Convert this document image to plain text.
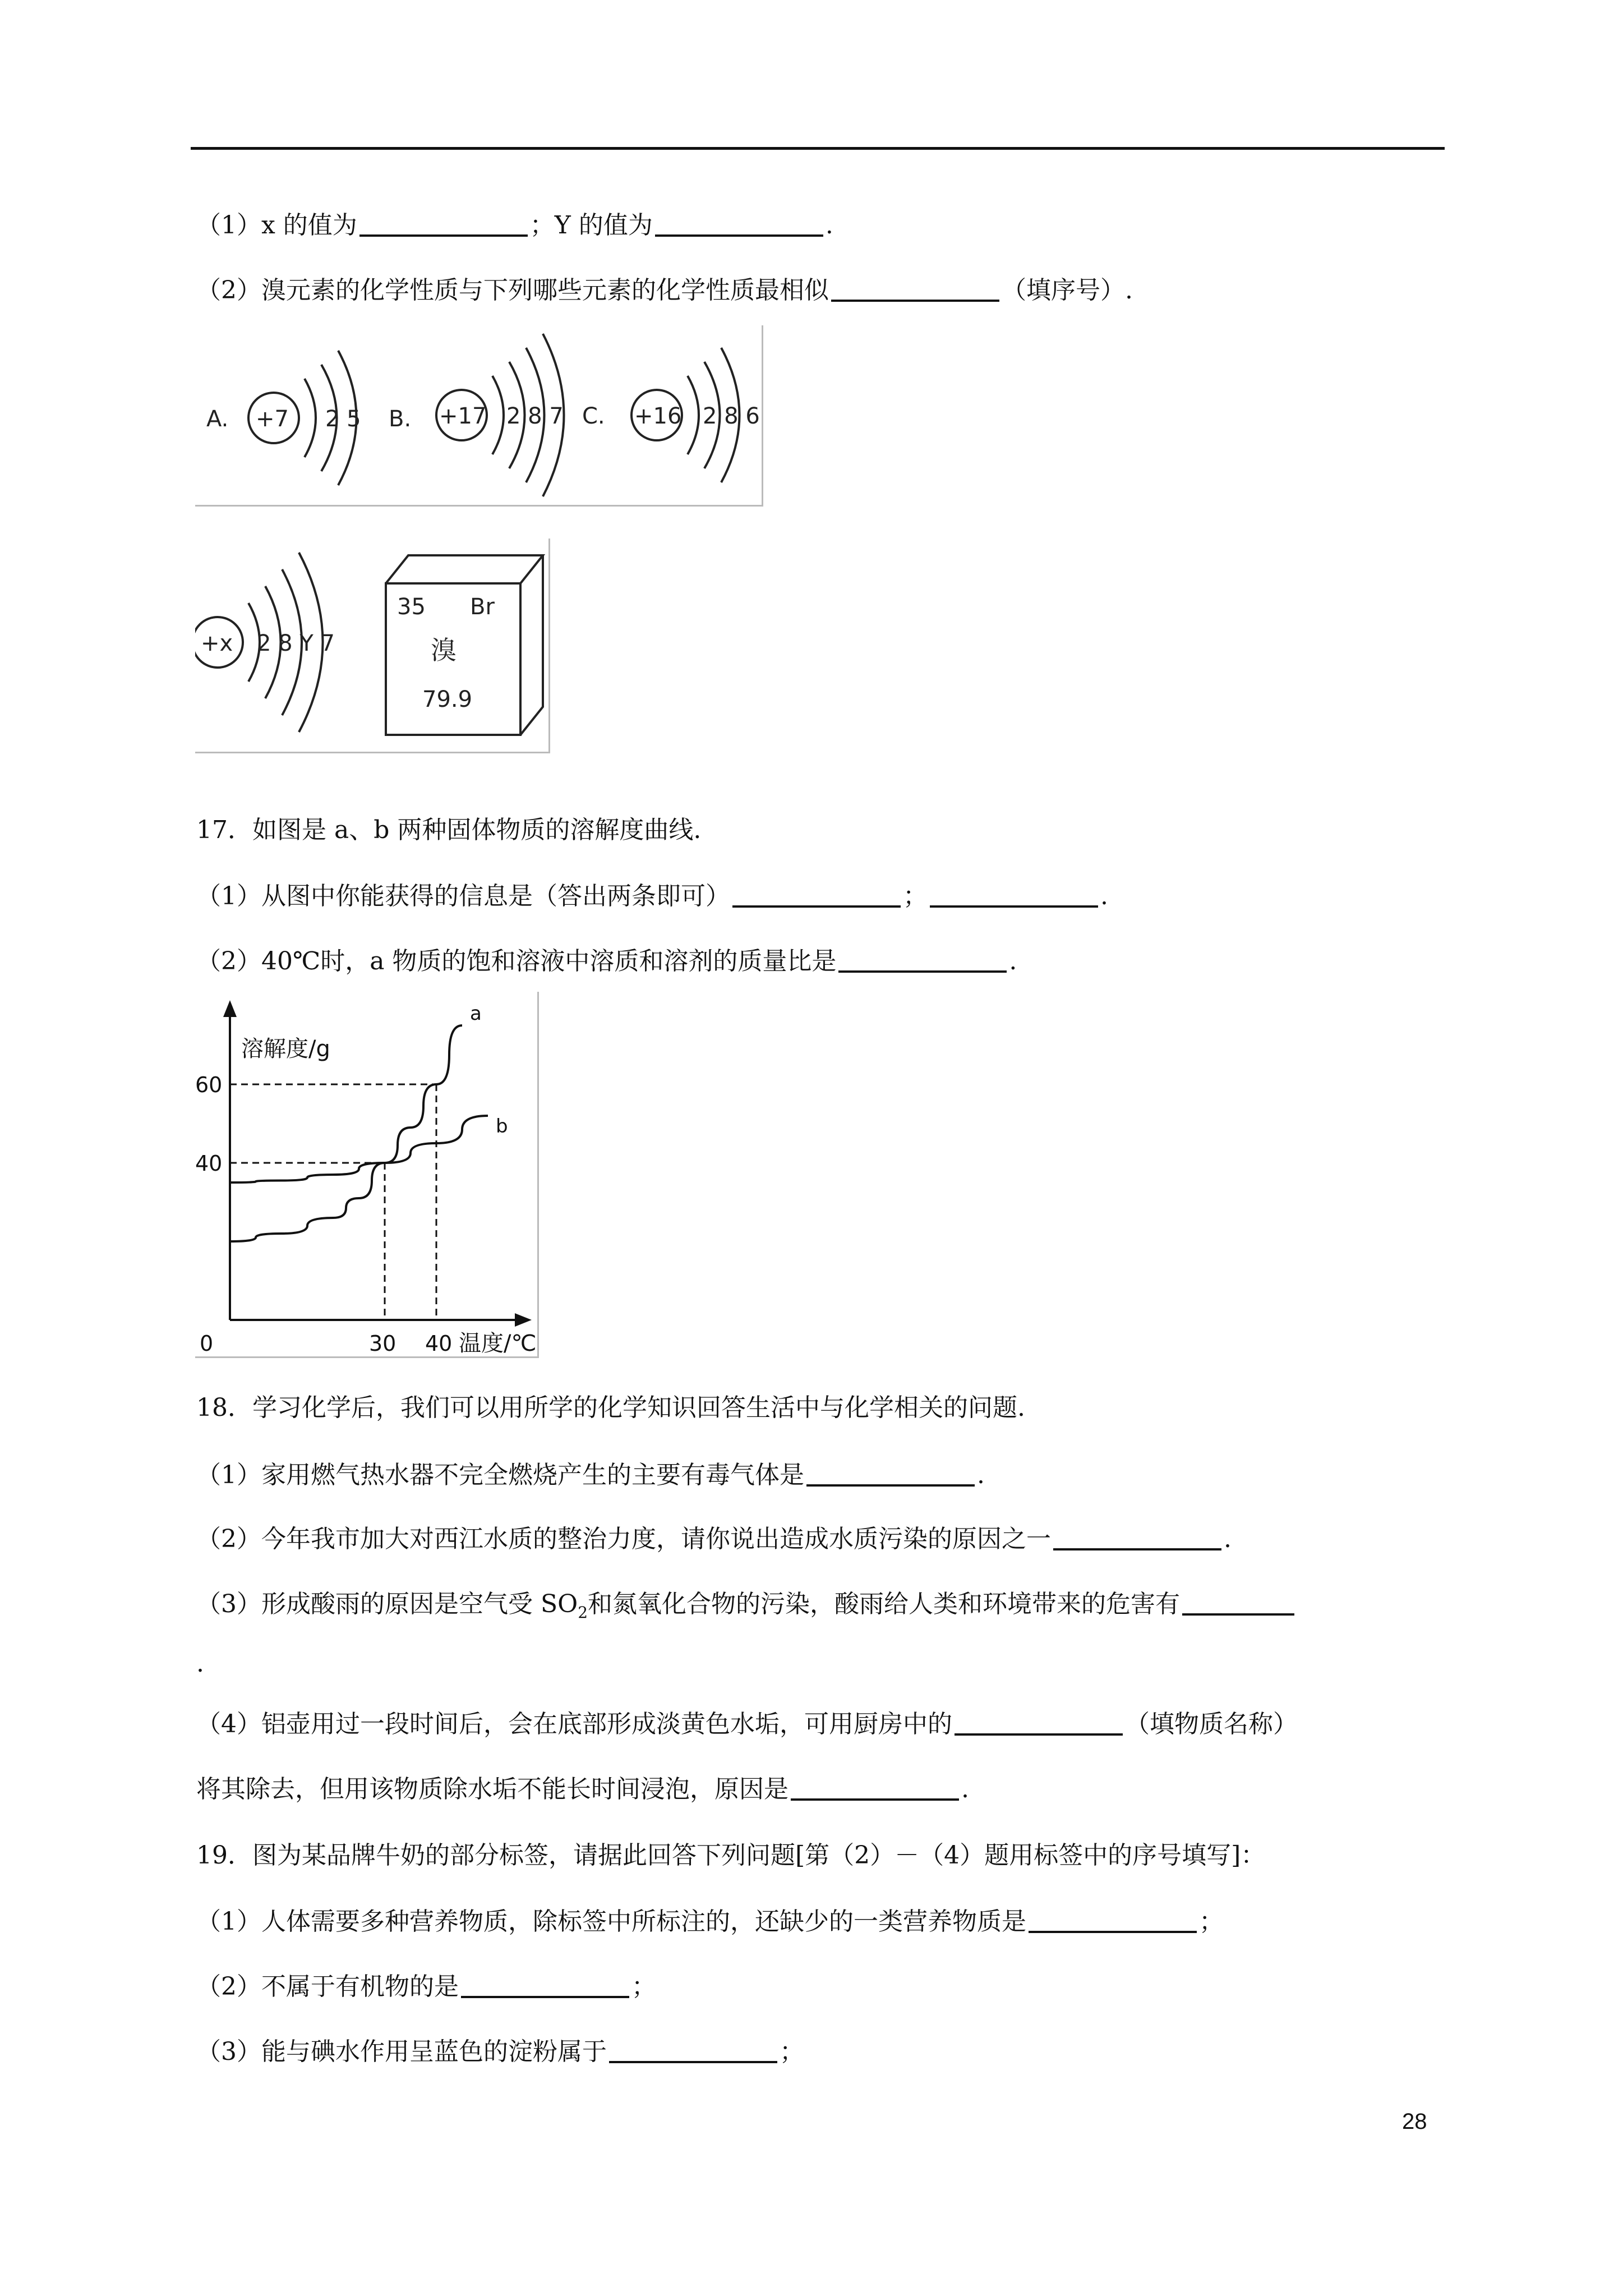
（1）x 的值为	；Y 的值为	.
（2）溴元素的化学性质与下列哪些元素的化学性质最相似	（填序号）.
A. +7 2 5 B. +17 2 8 7 C. +16 2 8 6
+x 2 8 Y 7
35 Br
溴
79.9
17．如图是 a、b 两种固体物质的溶解度曲线.
（1）从图中你能获得的信息是（答出两条即可）	；	.
（2）40℃时，a 物质的饱和溶液中溶质和溶剂的质量比是	.
溶解度/g
温度/℃
0
60
40
30 40
a
b
18．学习化学后，我们可以用所学的化学知识回答生活中与化学相关的问题.
（1）家用燃气热水器不完全燃烧产生的主要有毒气体是	.
（2）今年我市加大对西江水质的整治力度，请你说出造成水质污染的原因之一	.
（3）形成酸雨的原因是空气受 $SO_2$和氮氧化合物的污染，酸雨给人类和环境带来的危害有
.
（4）铝壶用过一段时间后，会在底部形成淡黄色水垢，可用厨房中的	（填物质名称）
将其除去，但用该物质除水垢不能长时间浸泡，原因是	.
19．图为某品牌牛奶的部分标签，请据此回答下列问题[第（2）－（4）题用标签中的序号填写]：
（1）人体需要多种营养物质，除标签中所标注的，还缺少的一类营养物质是	；
（2）不属于有机物的是	；
（3）能与碘水作用呈蓝色的淀粉属于	；
28
